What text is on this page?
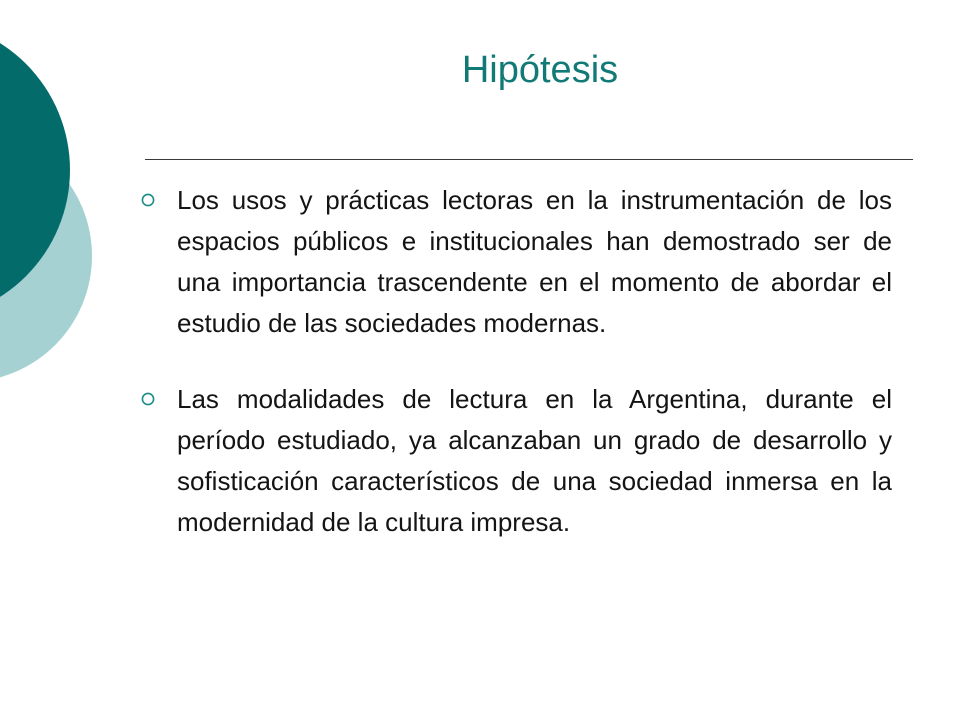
Hipótesis
Los usos y prácticas lectoras en la instrumentación de los espacios públicos e institucionales han demostrado ser de una importancia trascendente en el momento de abordar el estudio de las sociedades modernas.
Las modalidades de lectura en la Argentina, durante el período estudiado, ya alcanzaban un grado de desarrollo y sofisticación característicos de una sociedad inmersa en la modernidad de la cultura impresa.
